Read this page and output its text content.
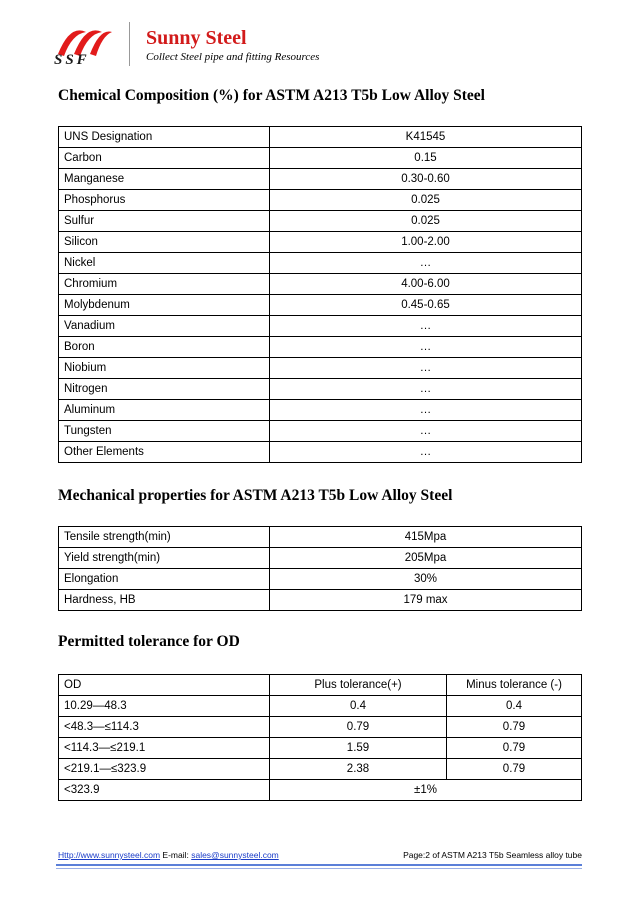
SSF
Sunny Steel
Collect Steel pipe and fitting Resources
Chemical Composition (%) for ASTM A213 T5b Low Alloy Steel
UNS Designation	K41545
Carbon	0.15
Manganese	0.30-0.60
Phosphorus	0.025
Sulfur	0.025
Silicon	1.00-2.00
Nickel	…
Chromium	4.00-6.00
Molybdenum	0.45-0.65
Vanadium	…
Boron	…
Niobium	…
Nitrogen	…
Aluminum	…
Tungsten	…
Other Elements	…
Mechanical properties for ASTM A213 T5b Low Alloy Steel
Tensile strength(min)	415Mpa
Yield strength(min)	205Mpa
Elongation	30%
Hardness, HB	179 max
Permitted tolerance for OD
OD	Plus tolerance(+)	Minus tolerance (-)
10.29—48.3	0.4	0.4
<48.3—≤114.3	0.79	0.79
<114.3—≤219.1	1.59	0.79
<219.1—≤323.9	2.38	0.79
<323.9	±1%	
Http://www.sunnysteel.com E-mail: sales@sunnysteel.com	Page:2 of ASTM A213 T5b Seamless alloy tube
